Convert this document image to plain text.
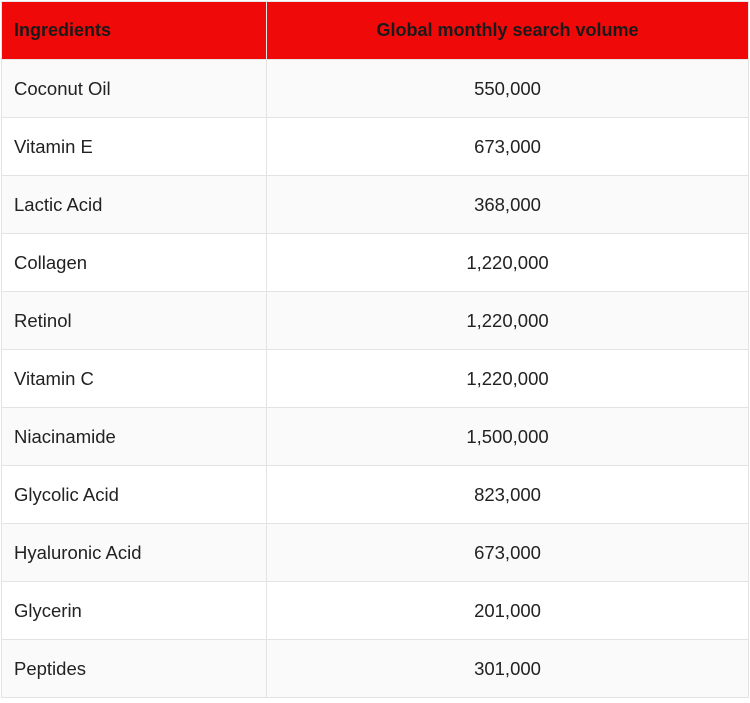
Ingredients	Global monthly search volume
Coconut Oil	550,000
Vitamin E	673,000
Lactic Acid	368,000
Collagen	1,220,000
Retinol	1,220,000
Vitamin C	1,220,000
Niacinamide	1,500,000
Glycolic Acid	823,000
Hyaluronic Acid	673,000
Glycerin	201,000
Peptides	301,000
